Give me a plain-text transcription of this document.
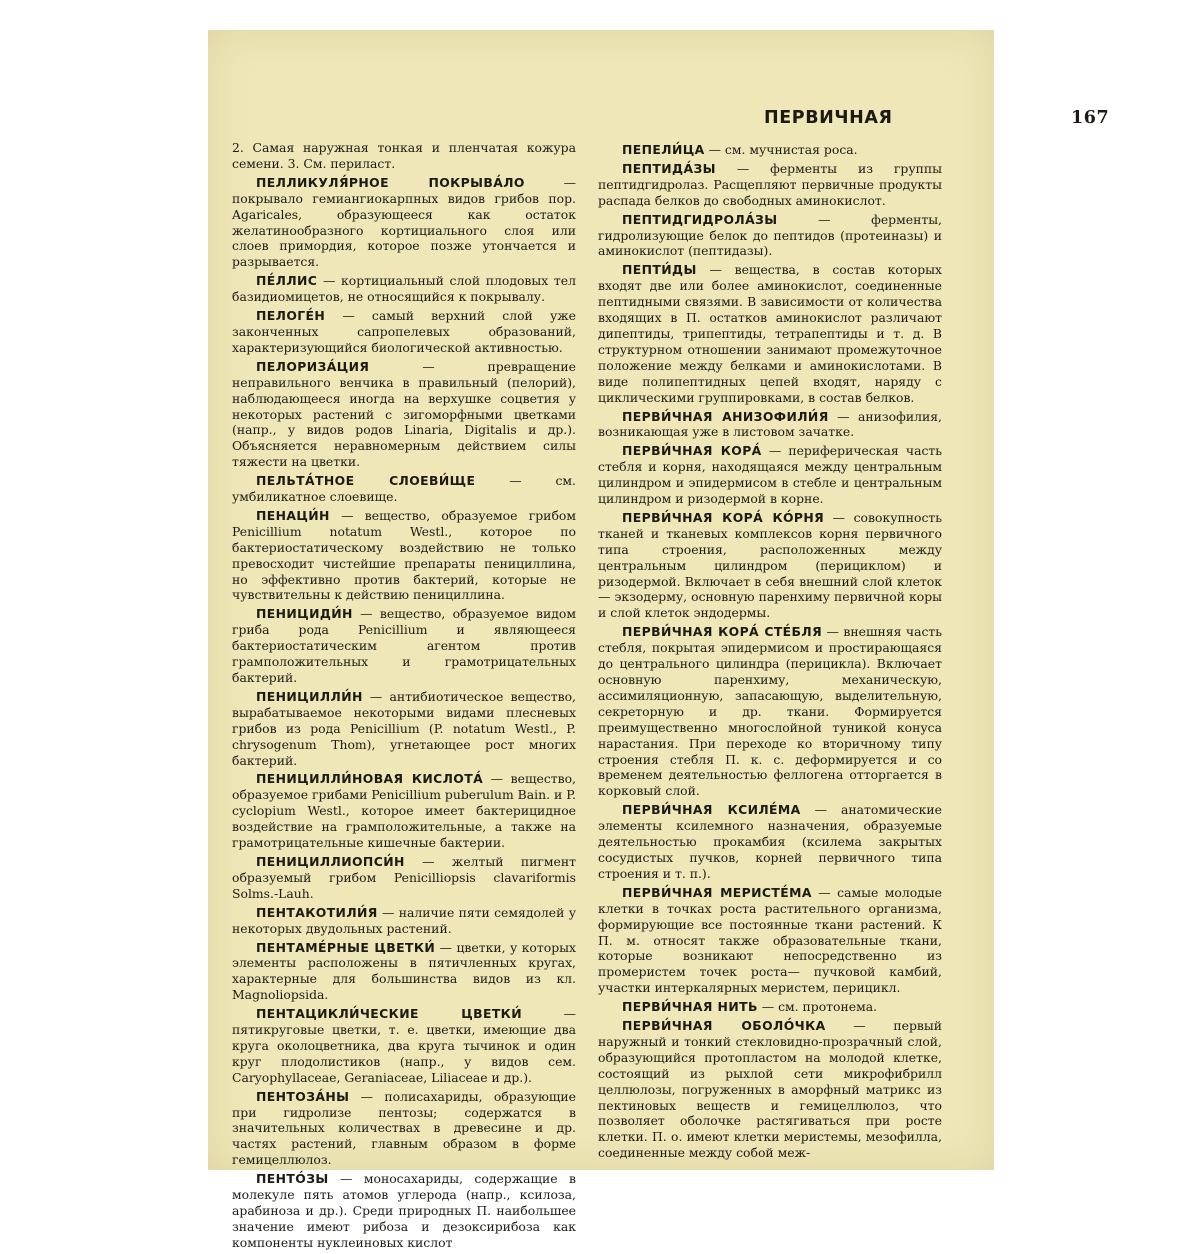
ПЕРВИЧНАЯ	167

2. Самая наружная тонкая и пленчатая кожура семени. 3. См. периласт.

ПЕЛЛИКУЛЯ́РНОЕ ПОКРЫВА́ЛО —покрывало гемиангиокарпных видов грибов пор. Agaricales, образующееся как остаток желатинообразного кортициального слоя или слоев примордия, которое позже утончается и разрывается.

ПЕ́ЛЛИС — кортициальный слой плодовых тел базидиомицетов, не относящийся к покрывалу.

ПЕЛОГЕ́Н — самый верхний слой уже законченных сапропелевых образований, характеризующийся биологической активностью.

ПЕЛОРИЗА́ЦИЯ — превращение неправильного венчика в правильный (пелорий), наблюдающееся иногда на верхушке соцветия у некоторых растений с зигоморфными цветками (напр., у видов родов Linaria, Digitalis и др.). Объясняется неравномерным действием силы тяжести на цветки.

ПЕЛЬТА́ТНОЕ СЛОЕВИ́ЩЕ — см. умбиликатное слоевище.

ПЕНАЦИ́Н — вещество, образуемое грибом Penicillium notatum Westl., которое по бактериостатическому воздействию не только превосходит чистейшие препараты пенициллина, но эффективно против бактерий, которые не чувствительны к действию пенициллина.

ПЕНИЦИДИ́Н — вещество, образуемое видом гриба рода Penicillium и являющееся бактериостатическим агентом против грамположительных и грамотрицательных бактерий.

ПЕНИЦИЛЛИ́Н — антибиотическое вещество, вырабатываемое некоторыми видами плесневых грибов из рода Penicillium (P. notatum Westl., P. chrysogenum Thom), угнетающее рост многих бактерий.

ПЕНИЦИЛЛИ́НОВАЯ КИСЛОТА́ — вещество, образуемое грибами Penicillium puberulum Bain. и P. cyclopium Westl., которое имеет бактерицидное воздействие на грамположительные, а также на грамотрицательные кишечные бактерии.

ПЕНИЦИЛЛИОПСИ́Н — желтый пигмент образуемый грибом Penicilliopsis clavariformis Solms.-Lauh.

ПЕНТАКОТИЛИ́Я — наличие пяти семядолей у некоторых двудольных растений.

ПЕНТАМЕ́РНЫЕ ЦВЕТКИ́ — цветки, у которых элементы расположены в пятичленных кругах, характерные для большинства видов из кл. Magnoliopsida.

ПЕНТАЦИКЛИ́ЧЕСКИЕ ЦВЕТКИ́ — пятикруговые цветки, т. е. цветки, имеющие два круга околоцветника, два круга тычинок и один круг плодолистиков (напр., у видов сем. Caryophyllaceae, Geraniaceae, Liliaceae и др.).

ПЕНТОЗА́НЫ — полисахариды, образующие при гидролизе пентозы; содержатся в значительных количествах в древесине и др. частях растений, главным образом в форме гемицеллюлоз.

ПЕНТО́ЗЫ — моносахариды, содержащие в молекуле пять атомов углерода (напр., ксилоза, арабиноза и др.). Среди природных П. наибольшее значение имеют рибоза и дезоксирибоза как компоненты нуклеиновых кислот

ПЕПЕЛИ́ЦА — см. мучнистая роса.

ПЕПТИДА́ЗЫ — ферменты из группы пептидгидролаз. Расщепляют первичные продукты распада белков до свободных аминокислот.

ПЕПТИДГИДРОЛА́ЗЫ — ферменты, гидролизующие белок до пептидов (протеиназы) и аминокислот (пептидазы).

ПЕПТИ́ДЫ — вещества, в состав которых входят две или более аминокислот, соединенные пептидными связями. В зависимости от количества входящих в П. остатков аминокислот различают дипептиды, трипептиды, тетрапептиды и т. д. В структурном отношении занимают промежуточное положение между белками и аминокислотами. В виде полипептидных цепей входят, наряду с циклическими группировками, в состав белков.

ПЕРВИ́ЧНАЯ АНИЗОФИЛИ́Я — анизофилия, возникающая уже в листовом зачатке.

ПЕРВИ́ЧНАЯ КОРА́ — периферическая часть стебля и корня, находящаяся между центральным цилиндром и эпидермисом в стебле и центральным цилиндром и ризодермой в корне.

ПЕРВИ́ЧНАЯ КОРА́ КО́РНЯ — совокупность тканей и тканевых комплексов корня первичного типа строения, расположенных между центральным цилиндром (перициклом) и ризодермой. Включает в себя внешний слой клеток — экзодерму, основную паренхиму первичной коры и слой клеток эндодермы.

ПЕРВИ́ЧНАЯ КОРА́ СТЕ́БЛЯ — внешняя часть стебля, покрытая эпидермисом и простирающаяся до центрального цилиндра (перицикла). Включает основную паренхиму, механическую, ассимиляционную, запасающую, выделительную, секреторную и др. ткани. Формируется преимущественно многослойной туникой конуса нарастания. При переходе ко вторичному типу строения стебля П. к. с. деформируется и со временем деятельностью феллогена отторгается в корковый слой.

ПЕРВИ́ЧНАЯ КСИЛЕ́МА — анатомические элементы ксилемного назначения, образуемые деятельностью прокамбия (ксилема закрытых сосудистых пучков, корней первичного типа строения и т. п.).

ПЕРВИ́ЧНАЯ МЕРИСТЕ́МА — самые молодые клетки в точках роста растительного организма, формирующие все постоянные ткани растений. К П. м. относят также образовательные ткани, которые возникают непосредственно из промеристем точек роста— пучковой камбий, участки интеркалярных меристем, перицикл.

ПЕРВИ́ЧНАЯ НИТЬ — см. протонема.

ПЕРВИ́ЧНАЯ ОБОЛО́ЧКА — первый наружный и тонкий стекловидно-прозрачный слой, образующийся протопластом на молодой клетке, состоящий из рыхлой сети микрофибрилл целлюлозы, погруженных в аморфный матрикс из пектиновых веществ и гемицеллюлоз, что позволяет оболочке растягиваться при росте клетки. П. о. имеют клетки меристемы, мезофилла, соединенные между собой меж-
